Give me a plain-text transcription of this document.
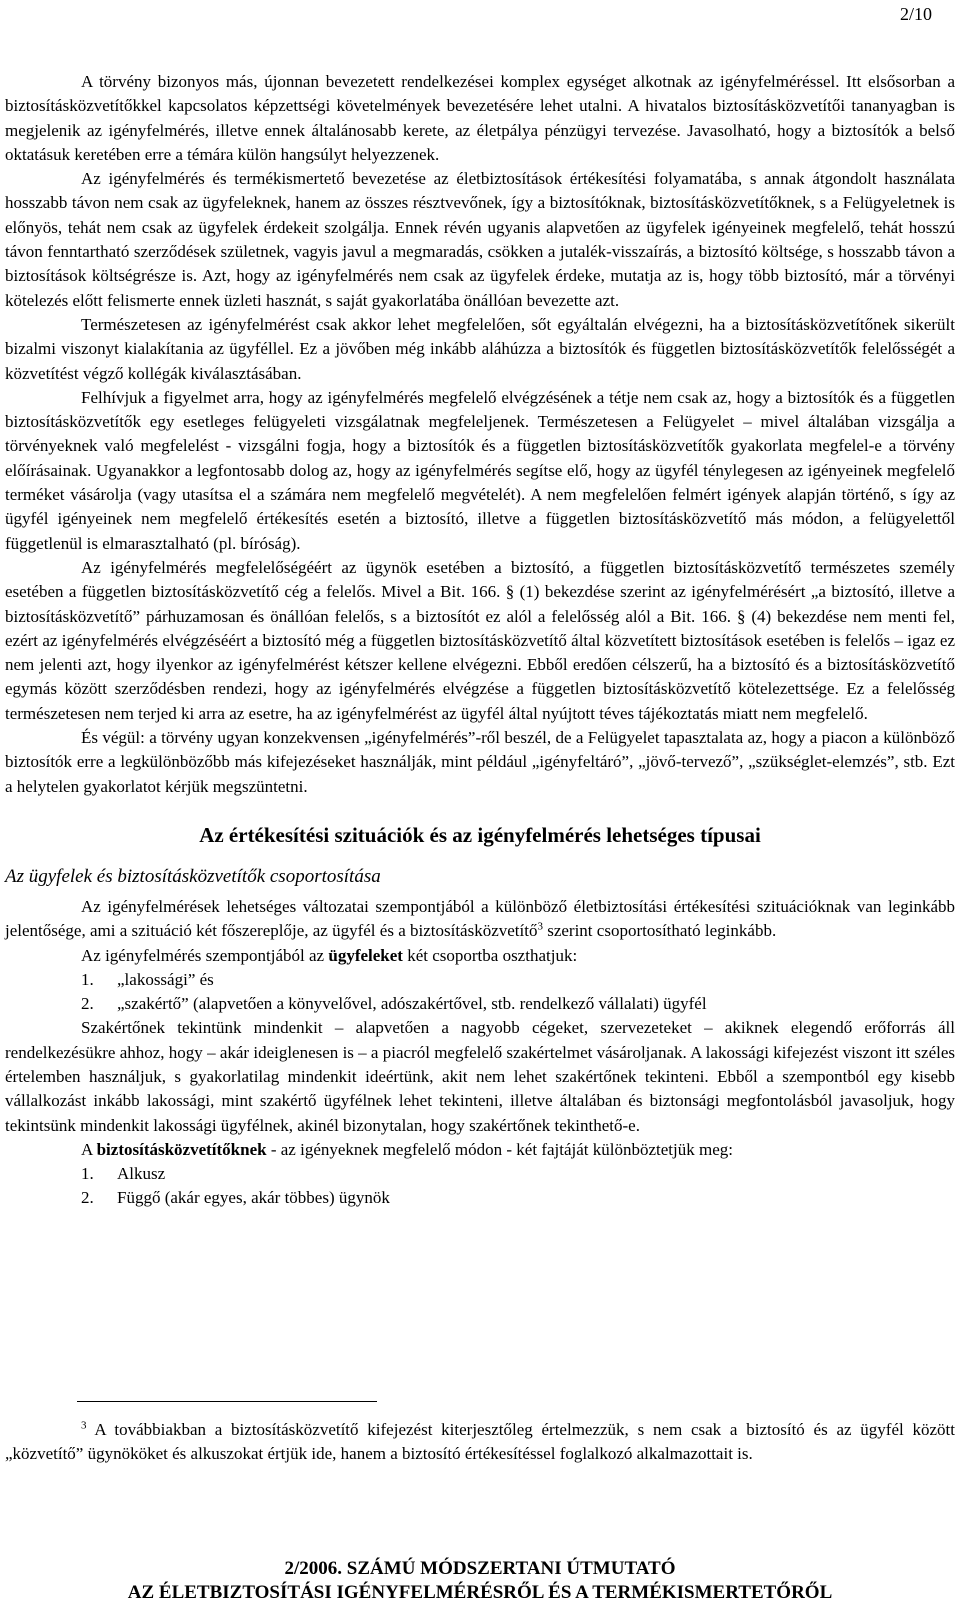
2/10

A törvény bizonyos más, újonnan bevezetett rendelkezései komplex egységet alkotnak az igényfelméréssel. Itt elsősorban a biztosításközvetítőkkel kapcsolatos képzettségi követelmények bevezetésére lehet utalni. A hivatalos biztosításközvetítői tananyagban is megjelenik az igényfelmérés, illetve ennek általánosabb kerete, az életpálya pénzügyi tervezése. Javasolható, hogy a biztosítók a belső oktatásuk keretében erre a témára külön hangsúlyt helyezzenek.

Az igényfelmérés és termékismertető bevezetése az életbiztosítások értékesítési folyamatába, s annak átgondolt használata hosszabb távon nem csak az ügyfeleknek, hanem az összes résztvevőnek, így a biztosítóknak, biztosításközvetítőknek, s a Felügyeletnek is előnyös, tehát nem csak az ügyfelek érdekeit szolgálja. Ennek révén ugyanis alapvetően az ügyfelek igényeinek megfelelő, tehát hosszú távon fenntartható szerződések születnek, vagyis javul a megmaradás, csökken a jutalék-visszaírás, a biztosító költsége, s hosszabb távon a biztosítások költségrésze is. Azt, hogy az igényfelmérés nem csak az ügyfelek érdeke, mutatja az is, hogy több biztosító, már a törvényi kötelezés előtt felismerte ennek üzleti hasznát, s saját gyakorlatába önállóan bevezette azt.

Természetesen az igényfelmérést csak akkor lehet megfelelően, sőt egyáltalán elvégezni, ha a biztosításközvetítőnek sikerült bizalmi viszonyt kialakítania az ügyféllel. Ez a jövőben még inkább aláhúzza a biztosítók és független biztosításközvetítők felelősségét a közvetítést végző kollégák kiválasztásában.

Felhívjuk a figyelmet arra, hogy az igényfelmérés megfelelő elvégzésének a tétje nem csak az, hogy a biztosítók és a független biztosításközvetítők egy esetleges felügyeleti vizsgálatnak megfeleljenek. Természetesen a Felügyelet – mivel általában vizsgálja a törvényeknek való megfelelést - vizsgálni fogja, hogy a biztosítók és a független biztosításközvetítők gyakorlata megfelel-e a törvény előírásainak. Ugyanakkor a legfontosabb dolog az, hogy az igényfelmérés segítse elő, hogy az ügyfél ténylegesen az igényeinek megfelelő terméket vásárolja (vagy utasítsa el a számára nem megfelelő megvételét). A nem megfelelően felmért igények alapján történő, s így az ügyfél igényeinek nem megfelelő értékesítés esetén a biztosító, illetve a független biztosításközvetítő más módon, a felügyelettől függetlenül is elmarasztalható (pl. bíróság).

Az igényfelmérés megfelelőségéért az ügynök esetében a biztosító, a független biztosításközvetítő természetes személy esetében a független biztosításközvetítő cég a felelős. Mivel a Bit. 166. § (1) bekezdése szerint az igényfelmérésért „a biztosító, illetve a biztosításközvetítő” párhuzamosan és önállóan felelős, s a biztosítót ez alól a felelősség alól a Bit. 166. § (4) bekezdése nem menti fel, ezért az igényfelmérés elvégzéséért a biztosító még a független biztosításközvetítő által közvetített biztosítások esetében is felelős – igaz ez nem jelenti azt, hogy ilyenkor az igényfelmérést kétszer kellene elvégezni. Ebből eredően célszerű, ha a biztosító és a biztosításközvetítő egymás között szerződésben rendezi, hogy az igényfelmérés elvégzése a független biztosításközvetítő kötelezettsége. Ez a felelősség természetesen nem terjed ki arra az esetre, ha az igényfelmérést az ügyfél által nyújtott téves tájékoztatás miatt nem megfelelő.

És végül: a törvény ugyan konzekvensen „igényfelmérés”-ről beszél, de a Felügyelet tapasztalata az, hogy a piacon a különböző biztosítók erre a legkülönbözőbb más kifejezéseket használják, mint például „igényfeltáró”, „jövő-tervező”, „szükséglet-elemzés”, stb. Ezt a helytelen gyakorlatot kérjük megszüntetni.

Az értékesítési szituációk és az igényfelmérés lehetséges típusai
Az ügyfelek és biztosításközvetítők csoportosítása

Az igényfelmérések lehetséges változatai szempontjából a különböző életbiztosítási értékesítési szituációknak van leginkább jelentősége, ami a szituáció két főszereplője, az ügyfél és a biztosításközvetítő$^3$ szerint csoportosítható leginkább.

Az igényfelmérés szempontjából az ügyfeleket két csoportba oszthatjuk:

1. „lakossági” és
2. „szakértő” (alapvetően a könyvelővel, adószakértővel, stb. rendelkező vállalati) ügyfél

Szakértőnek tekintünk mindenkit – alapvetően a nagyobb cégeket, szervezeteket – akiknek elegendő erőforrás áll rendelkezésükre ahhoz, hogy – akár ideiglenesen is – a piacról megfelelő szakértelmet vásároljanak. A lakossági kifejezést viszont itt széles értelemben használjuk, s gyakorlatilag mindenkit ideértünk, akit nem lehet szakértőnek tekinteni. Ebből a szempontból egy kisebb vállalkozást inkább lakossági, mint szakértő ügyfélnek lehet tekinteni, illetve általában és biztonsági megfontolásból javasoljuk, hogy tekintsünk mindenkit lakossági ügyfélnek, akinél bizonytalan, hogy szakértőnek tekinthető-e.

A biztosításközvetítőknek - az igényeknek megfelelő módon - két fajtáját különböztetjük meg:

1. Alkusz
2. Függő (akár egyes, akár többes) ügynök

$^3$ A továbbiakban a biztosításközvetítő kifejezést kiterjesztőleg értelmezzük, s nem csak a biztosító és az ügyfél között „közvetítő” ügynököket és alkuszokat értjük ide, hanem a biztosító értékesítéssel foglalkozó alkalmazottait is.

2/2006. SZÁMÚ MÓDSZERTANI ÚTMUTATÓ
AZ ÉLETBIZTOSÍTÁSI IGÉNYFELMÉRÉSRŐL ÉS A TERMÉKISMERTETŐRŐL
